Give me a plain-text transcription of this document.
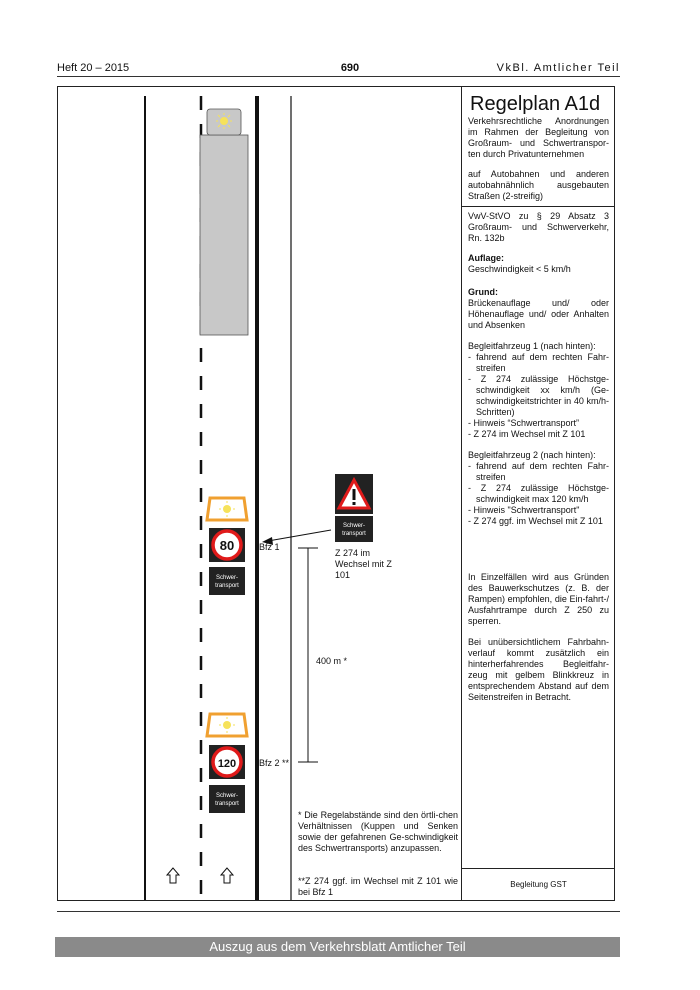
Heft 20 – 2015	690	VkBl. Amtlicher Teil
80
Schwer-
transport
120
Schwer-
transport
Schwer-
transport
Bfz 1
Bfz 2 **
400 m *
Z 274 im Wechsel mit Z 101
* Die Regelabstände sind den örtli-chen Verhältnissen (Kuppen und Senken sowie der gefahrenen Ge-schwindigkeit des Schwertransports) anzupassen.
**Z 274 ggf. im Wechsel mit Z 101 wie bei Bfz 1
Regelplan A1d
Verkehrsrechtliche Anordnungen im Rahmen der Begleitung von Großraum- und Schwertranspor-ten durch Privatunternehmen
auf Autobahnen und anderen autobahnähnlich ausgebauten Straßen (2-streifig)
VwV-StVO zu § 29 Absatz 3 Großraum- und Schwerverkehr, Rn. 132b
Auflage:
Geschwindigkeit < 5 km/h
Grund:
Brückenauflage und/ oder Höhenauflage und/ oder Anhalten und Absenken
Begleitfahrzeug 1 (nach hinten):
- fahrend auf dem rechten Fahr-streifen
- Z 274 zulässige Höchstge-schwindigkeit xx km/h (Ge-schwindigkeitstrichter in 40 km/h-Schritten)
- Hinweis “Schwertransport”
- Z 274 im Wechsel mit Z 101
Begleitfahrzeug 2 (nach hinten):
- fahrend auf dem rechten Fahr-streifen
- Z 274 zulässige Höchstge-schwindigkeit max 120 km/h
- Hinweis "Schwertransport"
- Z 274 ggf. im Wechsel mit Z 101
In Einzelfällen wird aus Gründen des Bauwerkschutzes (z. B. der Rampen) empfohlen, die Ein-fahrt-/ Ausfahrtrampe durch Z 250 zu sperren.
Bei unübersichtlichem Fahrbahn-verlauf kommt zusätzlich ein hinterherfahrendes Begleitfahr-zeug mit gelbem Blinkkreuz in entsprechendem Abstand auf dem Seitenstreifen in Betracht.
Begleitung GST
Auszug aus dem Verkehrsblatt Amtlicher Teil
